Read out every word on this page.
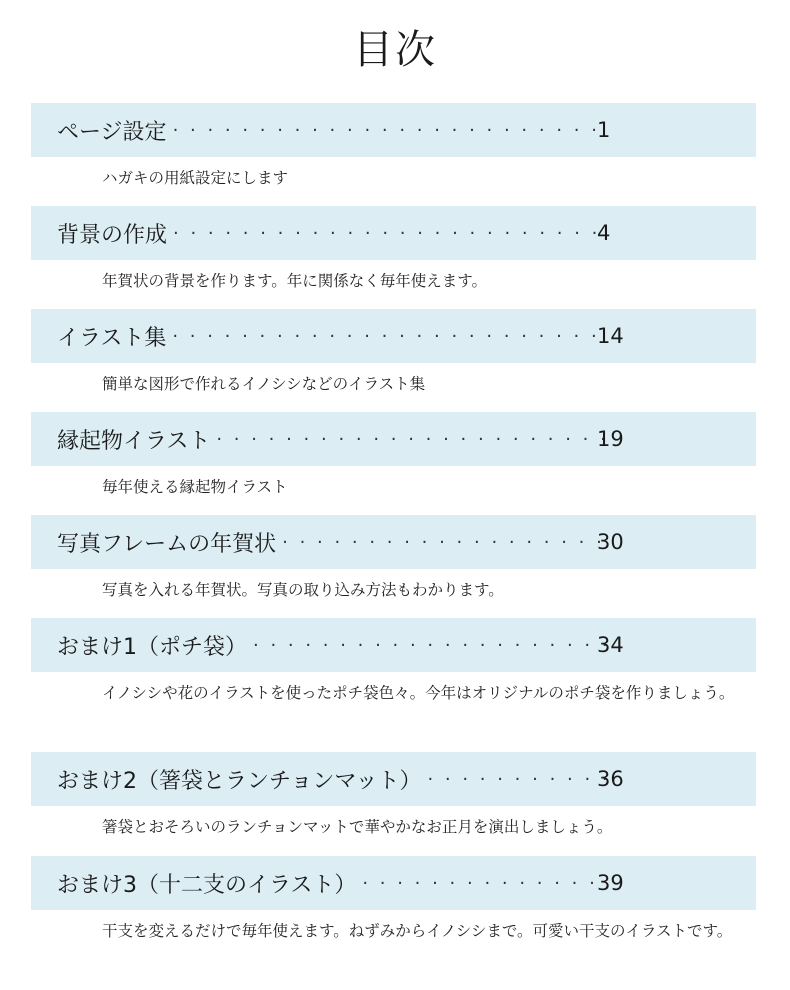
目次
ページ設定 · · ·	1
ハガキの用紙設定にします
背景の作成 · · ·	4
年賀状の背景を作ります。年に関係なく毎年使えます。
イラスト集 · · ·	14
簡単な図形で作れるイノシシなどのイラスト集
縁起物イラスト · · ·	19
毎年使える縁起物イラスト
写真フレームの年賀状 · · ·	30
写真を入れる年賀状。写真の取り込み方法もわかります。
おまけ1（ポチ袋） · · ·	34
イノシシや花のイラストを使ったポチ袋色々。今年はオリジナルのポチ袋を作りましょう。
おまけ2（箸袋とランチョンマット） · · ·	36
箸袋とおそろいのランチョンマットで華やかなお正月を演出しましょう。
おまけ3（十二支のイラスト） · · ·	39
干支を変えるだけで毎年使えます。ねずみからイノシシまで。可愛い干支のイラストです。
